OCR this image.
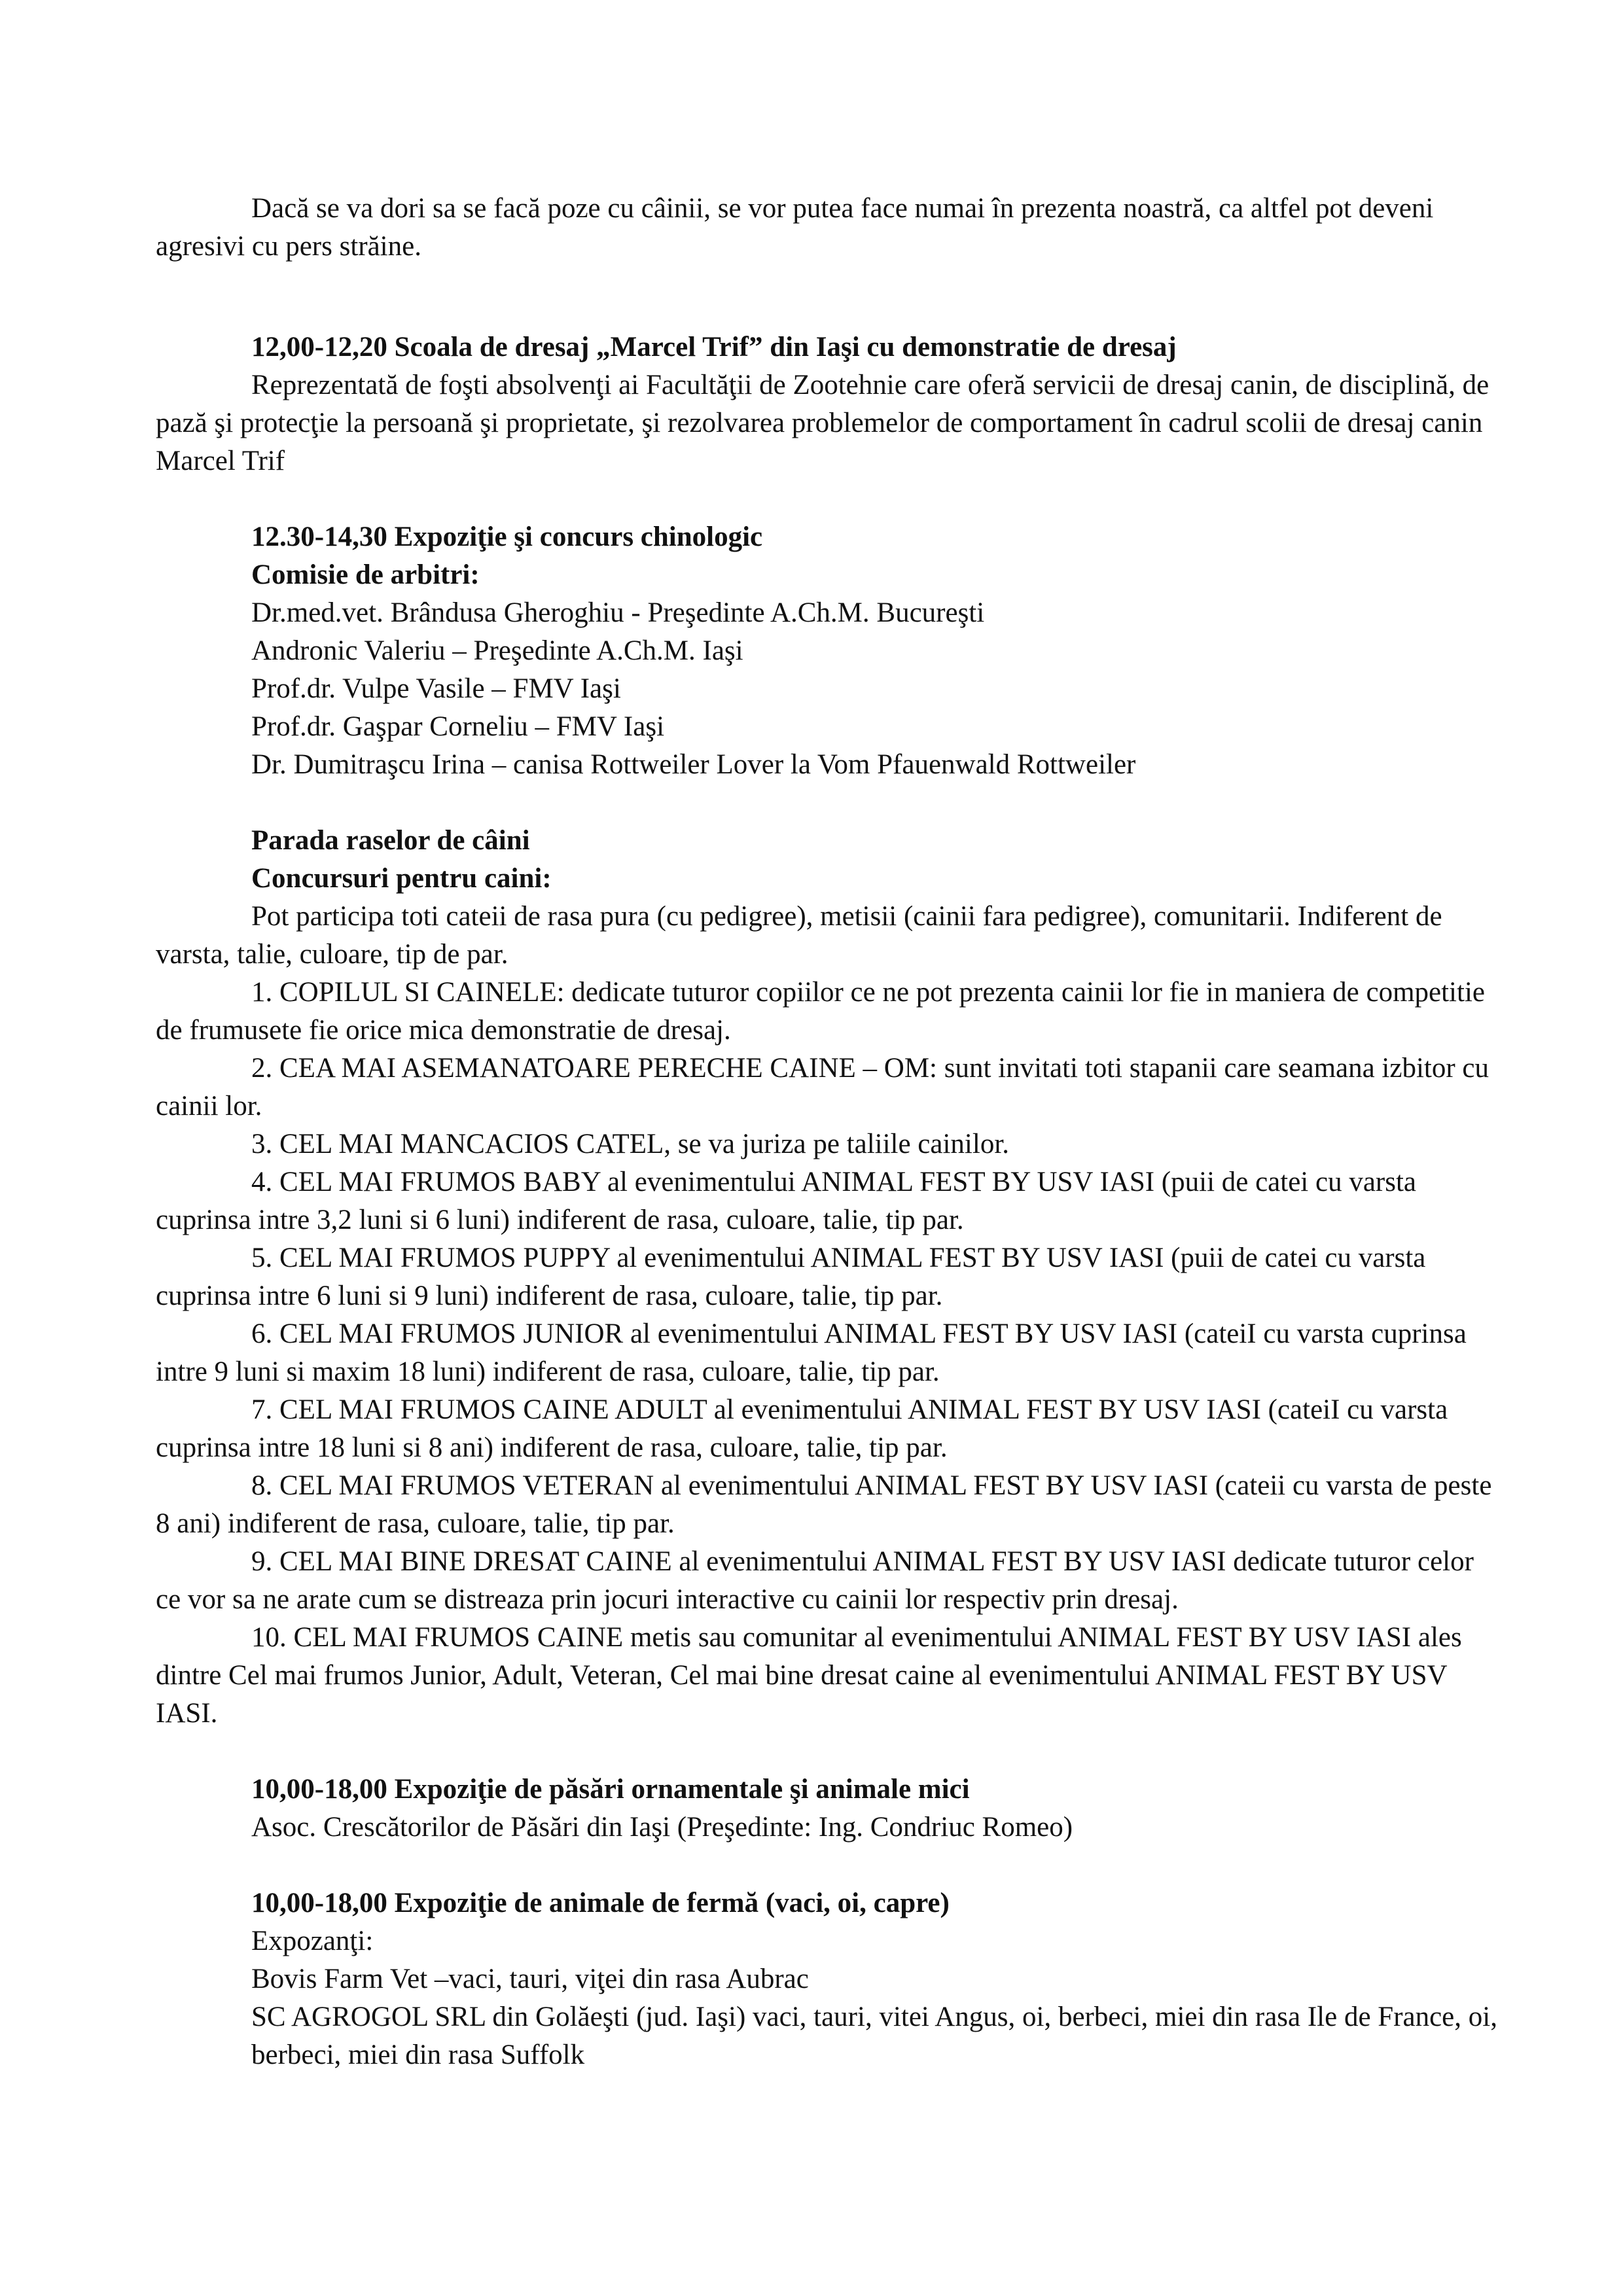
Dacă se va dori sa se facă poze cu câinii, se vor putea face numai în prezenta noastră, ca altfel pot deveni agresivi cu pers străine.

12,00-12,20 Scoala de dresaj „Marcel Trif” din Iaşi cu demonstratie de dresaj

Reprezentată de foşti absolvenţi ai Facultăţii de Zootehnie care oferă servicii de dresaj canin, de disciplină, de pază şi protecţie la persoană şi proprietate, şi rezolvarea problemelor de comportament în cadrul scolii de dresaj canin Marcel Trif

12.30-14,30 Expoziţie şi concurs chinologic

Comisie de arbitri:

Dr.med.vet. Brândusa Gheroghiu - Preşedinte A.Ch.M. Bucureşti

Andronic Valeriu – Preşedinte A.Ch.M. Iaşi

Prof.dr. Vulpe Vasile – FMV Iaşi

Prof.dr. Gaşpar Corneliu – FMV Iaşi

Dr. Dumitraşcu Irina – canisa Rottweiler Lover la Vom Pfauenwald Rottweiler

Parada raselor de câini

Concursuri pentru caini:

Pot participa toti cateii de rasa pura (cu pedigree), metisii (cainii fara pedigree), comunitarii. Indiferent de varsta, talie, culoare, tip de par.

1. COPILUL SI CAINELE: dedicate tuturor copiilor ce ne pot prezenta cainii lor fie in maniera de competitie de frumusete fie orice mica demonstratie de dresaj.

2. CEA MAI ASEMANATOARE PERECHE CAINE – OM: sunt invitati toti stapanii care seamana izbitor cu cainii lor.

3. CEL MAI MANCACIOS CATEL, se va juriza pe taliile cainilor.

4. CEL MAI FRUMOS BABY al evenimentului ANIMAL FEST BY USV IASI (puii de catei cu varsta cuprinsa intre 3,2 luni si 6 luni) indiferent de rasa, culoare, talie, tip par.

5. CEL MAI FRUMOS PUPPY al evenimentului ANIMAL FEST BY USV IASI (puii de catei cu varsta cuprinsa intre 6 luni si 9 luni) indiferent de rasa, culoare, talie, tip par.

6. CEL MAI FRUMOS JUNIOR al evenimentului ANIMAL FEST BY USV IASI (cateiI cu varsta cuprinsa intre 9 luni si maxim 18 luni) indiferent de rasa, culoare, talie, tip par.

7. CEL MAI FRUMOS CAINE ADULT al evenimentului ANIMAL FEST BY USV IASI (cateiI cu varsta cuprinsa intre 18 luni si 8 ani) indiferent de rasa, culoare, talie, tip par.

8. CEL MAI FRUMOS VETERAN al evenimentului ANIMAL FEST BY USV IASI (cateii cu varsta de peste 8 ani) indiferent de rasa, culoare, talie, tip par.

9. CEL MAI BINE DRESAT CAINE al evenimentului ANIMAL FEST BY USV IASI dedicate tuturor celor ce vor sa ne arate cum se distreaza prin jocuri interactive cu cainii lor respectiv prin dresaj.

10. CEL MAI FRUMOS CAINE metis sau comunitar al evenimentului ANIMAL FEST BY USV IASI ales dintre Cel mai frumos Junior, Adult, Veteran, Cel mai bine dresat caine al evenimentului ANIMAL FEST BY USV IASI.

10,00-18,00 Expoziţie de păsări ornamentale şi animale mici

Asoc. Crescătorilor de Păsări din Iaşi (Preşedinte: Ing. Condriuc Romeo)

10,00-18,00 Expoziţie de animale de fermă (vaci, oi, capre)

Expozanţi:

Bovis Farm Vet –vaci, tauri, viţei din rasa Aubrac

SC AGROGOL SRL din Golăeşti (jud. Iaşi) vaci, tauri, vitei Angus, oi, berbeci, miei din rasa Ile de France, oi, berbeci, miei din rasa Suffolk
